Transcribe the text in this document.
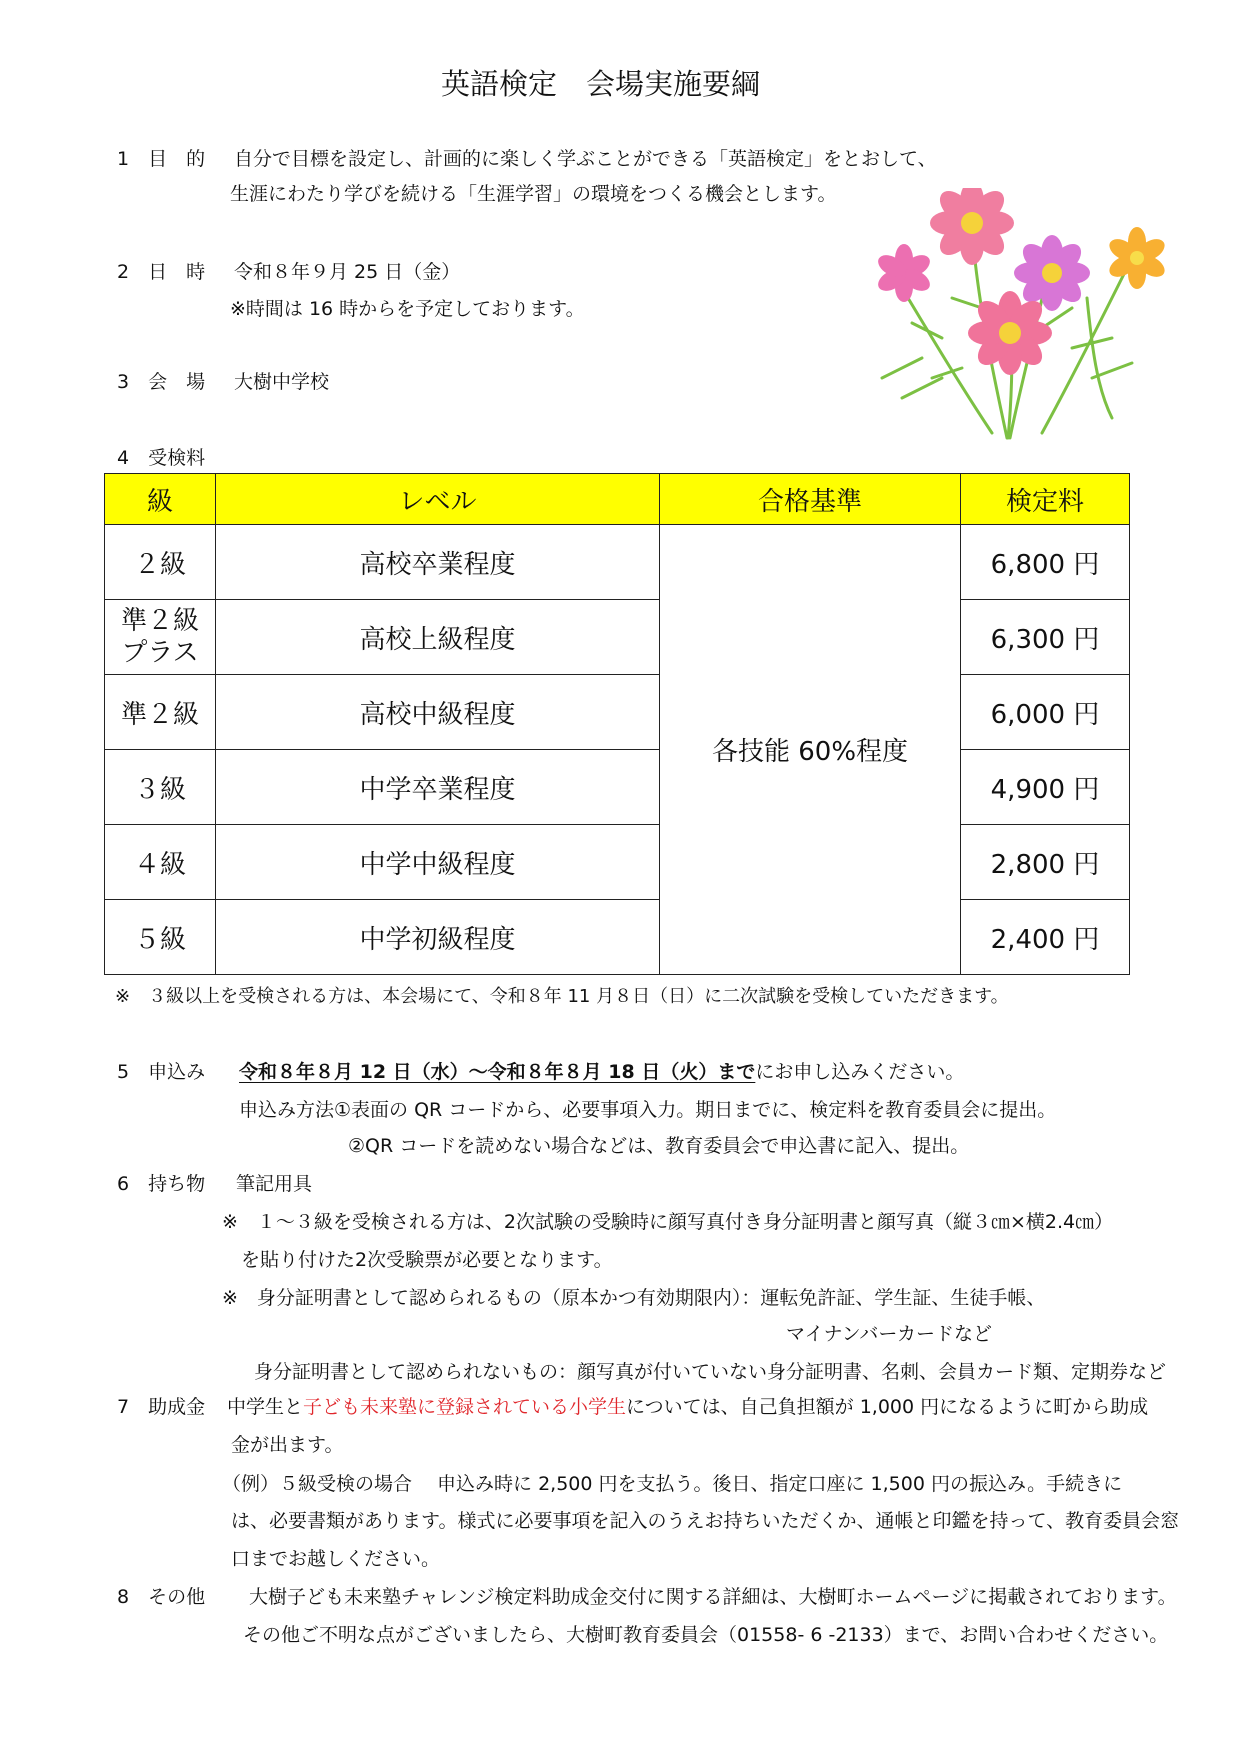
英語検定　会場実施要綱
1　目　的 自分で目標を設定し、計画的に楽しく学ぶことができる「英語検定」をとおして、
生涯にわたり学びを続ける「生涯学習」の環境をつくる機会とします。
2　日　時 令和８年９月 25 日（金）
※時間は 16 時からを予定しております。
3　会　場 大樹中学校
4　受検料
級	レベル	合格基準	検定料
２級	高校卒業程度	各技能 60%程度	6,800 円

準２級
プラス	高校上級程度		6,300 円
準２級	高校中級程度		6,000 円
３級	中学卒業程度		4,900 円
４級	中学中級程度		2,800 円
５級	中学初級程度		2,400 円
※　３級以上を受検される方は、本会場にて、令和８年 11 月８日（日）に二次試験を受検していただきます。
5　申込み 令和８年８月 12 日（水）～令和８年８月 18 日（火）までにお申し込みください。
申込み方法①表面の QR コードから、必要事項入力。期日までに、検定料を教育委員会に提出。
②QR コードを読めない場合などは、教育委員会で申込書に記入、提出。
6　持ち物 筆記用具
※　１～３級を受検される方は、2次試験の受験時に顔写真付き身分証明書と顔写真（縦３㎝×横2.4㎝）
を貼り付けた2次受験票が必要となります。
※　身分証明書として認められるもの（原本かつ有効期限内）：運転免許証、学生証、生徒手帳、
マイナンバーカードなど
身分証明書として認められないもの：顔写真が付いていない身分証明書、名刺、会員カード類、定期券など
7　助成金 中学生と子ども未来塾に登録されている小学生については、自己負担額が 1,000 円になるように町から助成
金が出ます。
（例）５級受検の場合　 申込み時に 2,500 円を支払う。後日、指定口座に 1,500 円の振込み。手続きに
は、必要書類があります。様式に必要事項を記入のうえお持ちいただくか、通帳と印鑑を持って、教育委員会窓
口までお越しください。
8　その他 大樹子ども未来塾チャレンジ検定料助成金交付に関する詳細は、大樹町ホームページに掲載されております。
その他ご不明な点がございましたら、大樹町教育委員会（01558- 6 -2133）まで、お問い合わせください。
